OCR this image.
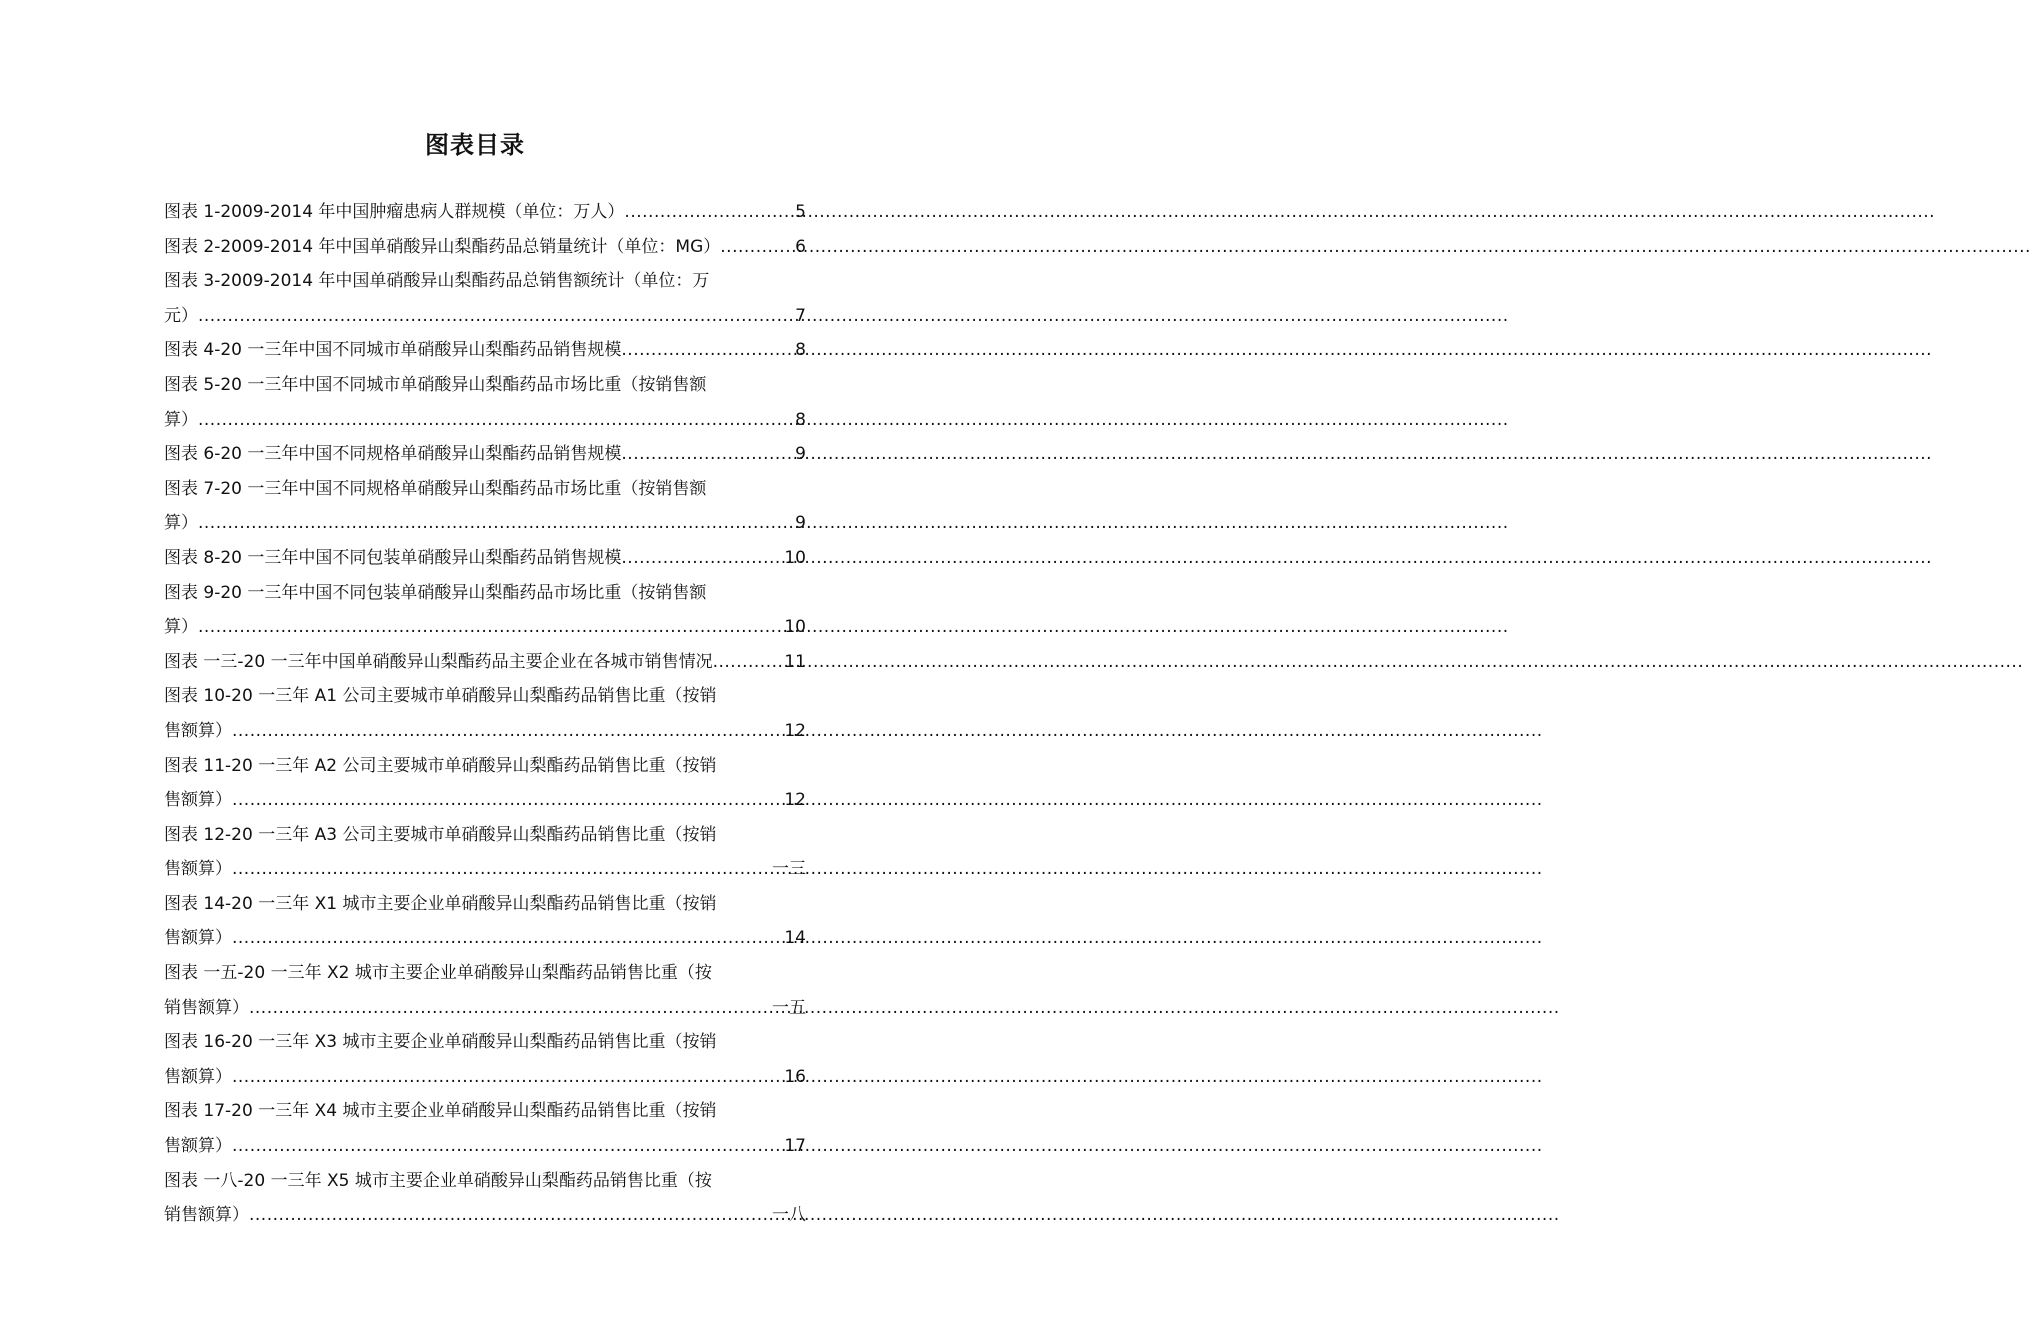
图表目录
图表 1-2009-2014 年中国肿瘤患病人群规模（单位：万人） .....	5
图表 2-2009-2014 年中国单硝酸异山梨酯药品总销量统计（单位：MG） .....	6
图表 3-2009-2014 年中国单硝酸异山梨酯药品总销售额统计（单位：万
元） .....	7
图表 4-20 一三年中国不同城市单硝酸异山梨酯药品销售规模 .....	8
图表 5-20 一三年中国不同城市单硝酸异山梨酯药品市场比重（按销售额
算） .....	8
图表 6-20 一三年中国不同规格单硝酸异山梨酯药品销售规模 .....	9
图表 7-20 一三年中国不同规格单硝酸异山梨酯药品市场比重（按销售额
算） .....	9
图表 8-20 一三年中国不同包装单硝酸异山梨酯药品销售规模 .....	10
图表 9-20 一三年中国不同包装单硝酸异山梨酯药品市场比重（按销售额
算） .....	10
图表 一三-20 一三年中国单硝酸异山梨酯药品主要企业在各城市销售情况 .....	11
图表 10-20 一三年 A1 公司主要城市单硝酸异山梨酯药品销售比重（按销
售额算） .....	12
图表 11-20 一三年 A2 公司主要城市单硝酸异山梨酯药品销售比重（按销
售额算） .....	12
图表 12-20 一三年 A3 公司主要城市单硝酸异山梨酯药品销售比重（按销
售额算） .....	一三
图表 14-20 一三年 X1 城市主要企业单硝酸异山梨酯药品销售比重（按销
售额算） .....	14
图表 一五-20 一三年 X2 城市主要企业单硝酸异山梨酯药品销售比重（按
销售额算） .....	一五
图表 16-20 一三年 X3 城市主要企业单硝酸异山梨酯药品销售比重（按销
售额算） .....	16
图表 17-20 一三年 X4 城市主要企业单硝酸异山梨酯药品销售比重（按销
售额算） .....	17
图表 一八-20 一三年 X5 城市主要企业单硝酸异山梨酯药品销售比重（按
销售额算） .....	一八
